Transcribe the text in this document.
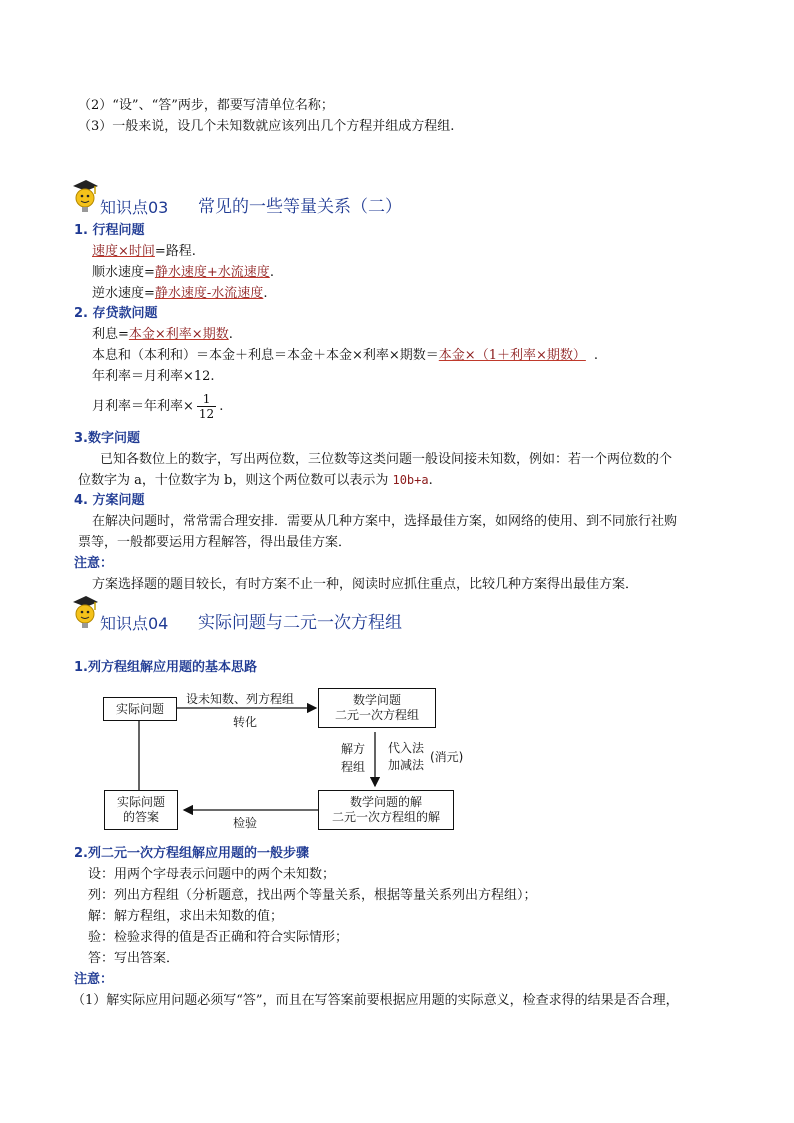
（2）“设”、“答”两步，都要写清单位名称；
（3）一般来说，设几个未知数就应该列出几个方程并组成方程组.
知识点03 常见的一些等量关系（二）
1. 行程问题
速度×时间=路程.
顺水速度=静水速度+水流速度.
逆水速度=静水速度-水流速度.
2. 存贷款问题
利息=本金×利率×期数.
本息和（本利和）＝本金＋利息＝本金＋本金×利率×期数＝本金×（1＋利率×期数） .
年利率＝月利率×12.
月利率＝年利率× $\frac{1}{12}$ .
3.数字问题
已知各数位上的数字，写出两位数，三位数等这类问题一般设间接未知数，例如：若一个两位数的个
位数字为 a，十位数字为 b，则这个两位数可以表示为 10b+a.
4. 方案问题
在解决问题时，常常需合理安排．需要从几种方案中，选择最佳方案，如网络的使用、到不同旅行社购
票等，一般都要运用方程解答，得出最佳方案．
注意：
方案选择题的题目较长，有时方案不止一种，阅读时应抓住重点，比较几种方案得出最佳方案．
知识点04 实际问题与二元一次方程组
1.列方程组解应用题的基本思路
实际问题
设未知数、列方程组
转化
数学问题
二元一次方程组
解方
程组
代入法
加减法
(消元)
数学问题的解
二元一次方程组的解
检验
实际问题
的答案
2.列二元一次方程组解应用题的一般步骤
设：用两个字母表示问题中的两个未知数；
列：列出方程组（分析题意，找出两个等量关系，根据等量关系列出方程组）；
解：解方程组，求出未知数的值；
验：检验求得的值是否正确和符合实际情形；
答：写出答案．
注意：
（1）解实际应用问题必须写“答”，而且在写答案前要根据应用题的实际意义，检查求得的结果是否合理，
